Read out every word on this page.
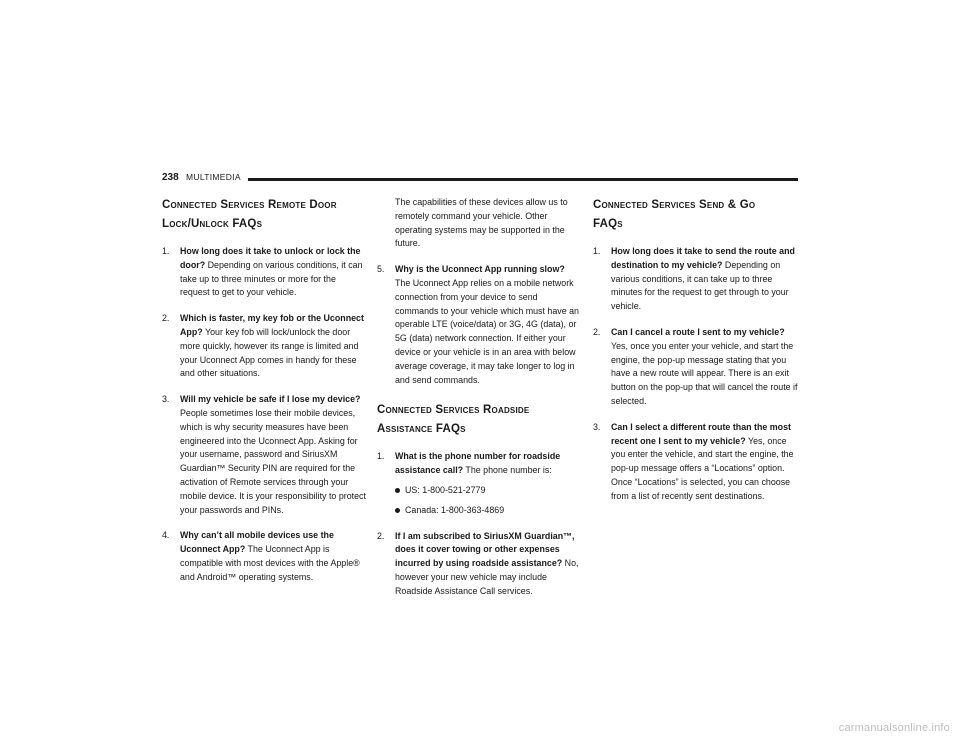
238 MULTIMEDIA
Connected Services Remote Door
Lock/Unlock FAQs
1. How long does it take to unlock or lock the door? Depending on various conditions, it can take up to three minutes or more for the request to get to your vehicle.
2. Which is faster, my key fob or the Uconnect App? Your key fob will lock/unlock the door more quickly, however its range is limited and your Uconnect App comes in handy for these and other situations.
3. Will my vehicle be safe if I lose my device? People sometimes lose their mobile devices, which is why security measures have been engineered into the Uconnect App. Asking for your username, password and SiriusXM Guardian™ Security PIN are required for the activation of Remote services through your mobile device. It is your responsibility to protect your passwords and PINs.
4. Why can’t all mobile devices use the Uconnect App? The Uconnect App is compatible with most devices with the Apple® and Android™ operating systems.
The capabilities of these devices allow us to remotely command your vehicle. Other operating systems may be supported in the future.
5. Why is the Uconnect App running slow? The Uconnect App relies on a mobile network connection from your device to send commands to your vehicle which must have an operable LTE (voice/data) or 3G, 4G (data), or 5G (data) network connection. If either your device or your vehicle is in an area with below average coverage, it may take longer to log in and send commands.
Connected Services Roadside
Assistance FAQs
1. What is the phone number for roadside assistance call? The phone number is:
US: 1-800-521-2779
Canada: 1-800-363-4869
2. If I am subscribed to SiriusXM Guardian™, does it cover towing or other expenses incurred by using roadside assistance? No, however your new vehicle may include Roadside Assistance Call services.
Connected Services Send & Go
FAQs
1. How long does it take to send the route and destination to my vehicle? Depending on various conditions, it can take up to three minutes for the request to get through to your vehicle.
2. Can I cancel a route I sent to my vehicle? Yes, once you enter your vehicle, and start the engine, the pop-up message stating that you have a new route will appear. There is an exit button on the pop-up that will cancel the route if selected.
3. Can I select a different route than the most recent one I sent to my vehicle? Yes, once you enter the vehicle, and start the engine, the pop-up message offers a “Locations” option. Once “Locations” is selected, you can choose from a list of recently sent destinations.
carmanualsonline.info
